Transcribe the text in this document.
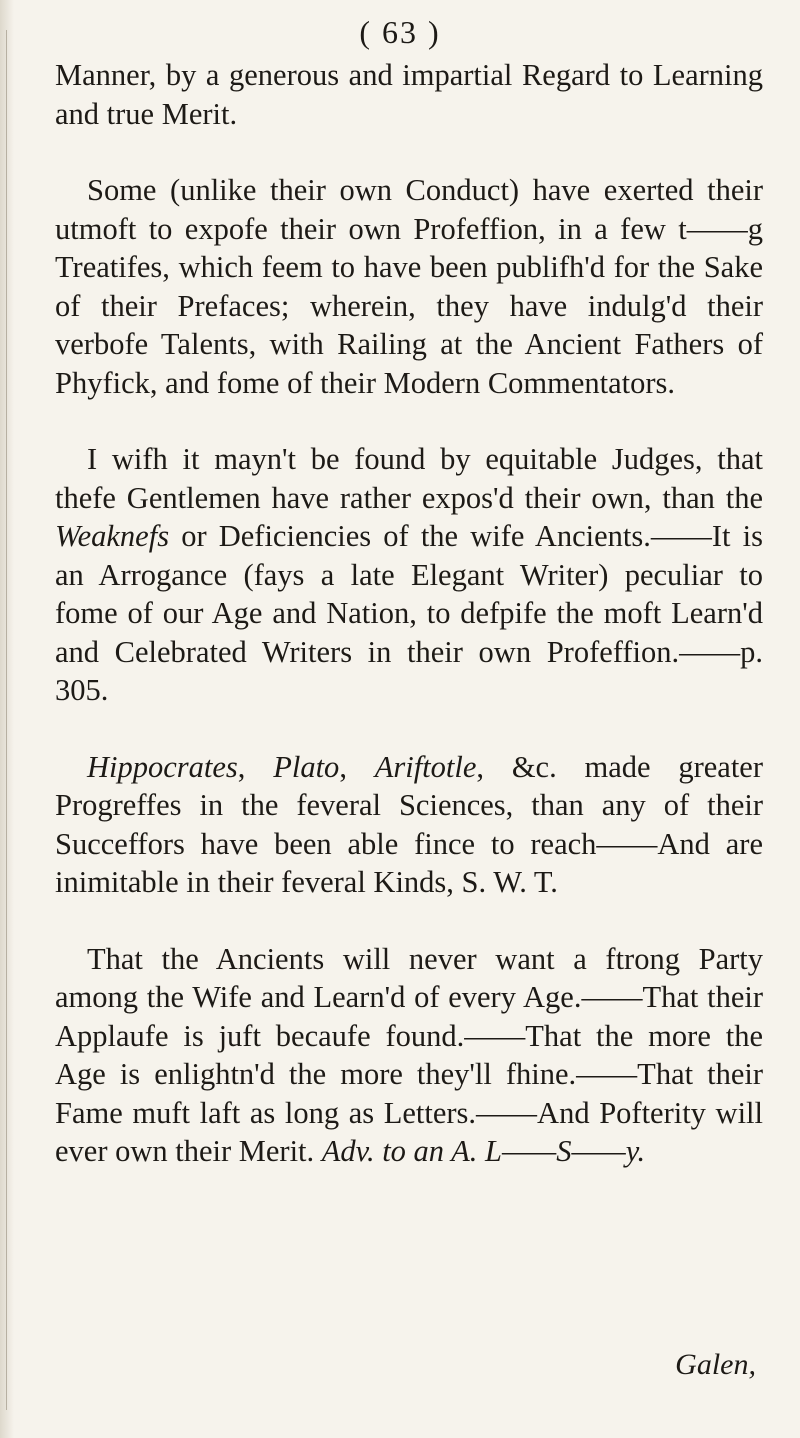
( 63 )

Manner, by a generous and impartial Regard to Learning and true Merit.

Some (unlike their own Conduct) have exerted their utmoft to expofe their own Profeffion, in a few t——g Treatifes, which feem to have been publifh'd for the Sake of their Prefaces; wherein, they have indulg'd their verbofe Talents, with Railing at the Ancient Fathers of Phyfick, and fome of their Modern Commentators.

I wifh it mayn't be found by equitable Judges, that thefe Gentlemen have rather expos'd their own, than the Weaknefs or Deficiencies of the wife Ancients.——It is an Arrogance (fays a late Elegant Writer) peculiar to fome of our Age and Nation, to defpife the moft Learn'd and Celebrated Writers in their own Profeffion.——p. 305.

Hippocrates, Plato, Ariftotle, &c. made greater Progreffes in the feveral Sciences, than any of their Succeffors have been able fince to reach——And are inimitable in their feveral Kinds, S. W. T.

That the Ancients will never want a ftrong Party among the Wife and Learn'd of every Age.——That their Applaufe is juft becaufe found.——That the more the Age is enlightn'd the more they'll fhine.——That their Fame muft laft as long as Letters.——And Pofterity will ever own their Merit. Adv. to an A. L——S——y.

Galen,
